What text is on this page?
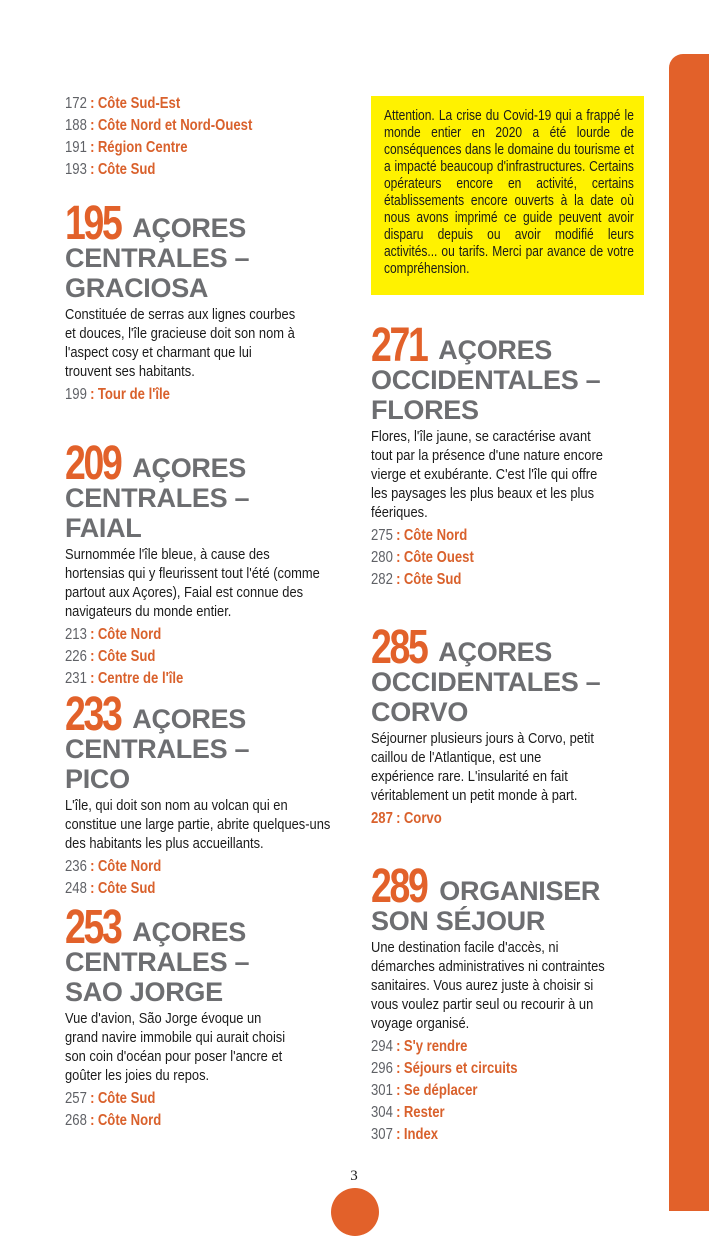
172 : Côte Sud-Est
188 : Côte Nord et Nord-Ouest
191 : Région Centre
193 : Côte Sud
195 AÇORES CENTRALES – GRACIOSA

Constituée de serras aux lignes courbes et douces, l'île gracieuse doit son nom à l'aspect cosy et charmant que lui trouvent ses habitants.

199 : Tour de l'île
209 AÇORES CENTRALES – FAIAL

Surnommée l'île bleue, à cause des hortensias qui y fleurissent tout l'été (comme partout aux Açores), Faial est connue des navigateurs du monde entier.

213 : Côte Nord
226 : Côte Sud
231 : Centre de l'île
233 AÇORES CENTRALES – PICO

L'île, qui doit son nom au volcan qui en constitue une large partie, abrite quelques-uns des habitants les plus accueillants.

236 : Côte Nord
248 : Côte Sud
253 AÇORES CENTRALES – SAO JORGE

Vue d'avion, São Jorge évoque un grand navire immobile qui aurait choisi son coin d'océan pour poser l'ancre et goûter les joies du repos.

257 : Côte Sud
268 : Côte Nord

Attention. La crise du Covid-19 qui a frappé le monde entier en 2020 a été lourde de conséquences dans le domaine du tourisme et a impacté beaucoup d'infrastructures. Certains opérateurs encore en activité, certains établissements encore ouverts à la date où nous avons imprimé ce guide peuvent avoir disparu depuis ou avoir modifié leurs activités... ou tarifs. Merci par avance de votre compréhension.

271 AÇORES OCCIDENTALES – FLORES

Flores, l'île jaune, se caractérise avant tout par la présence d'une nature encore vierge et exubérante. C'est l'île qui offre les paysages les plus beaux et les plus féeriques.

275 : Côte Nord
280 : Côte Ouest
282 : Côte Sud
285 AÇORES OCCIDENTALES – CORVO

Séjourner plusieurs jours à Corvo, petit caillou de l'Atlantique, est une expérience rare. L'insularité en fait véritablement un petit monde à part.

287 : Corvo
289 ORGANISER SON SÉJOUR

Une destination facile d'accès, ni démarches administratives ni contraintes sanitaires. Vous aurez juste à choisir si vous voulez partir seul ou recourir à un voyage organisé.

294 : S'y rendre
296 : Séjours et circuits
301 : Se déplacer
304 : Rester
307 : Index
3
